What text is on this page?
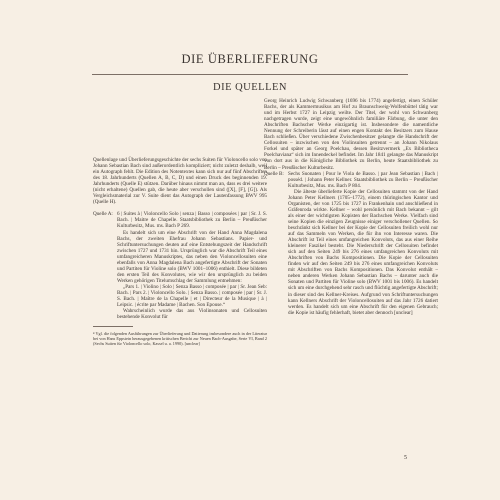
DIE ÜBERLIEFERUNG
DIE QUELLEN

Quellenlage und Überlieferungsgeschichte der sechs Suiten für Violoncello solo von Johann Sebastian Bach sind außerordentlich kompliziert; nicht zuletzt deshalb, weil ein Autograph fehlt. Die Edition des Notentextes kann sich nur auf fünf Abschriften des 18. Jahrhunderts (Quellen A, B, C, D) und einen Druck des beginnenden 19. Jahrhunderts (Quelle E) stützen. Darüber hinaus nimmt man an, dass es drei weitere (nicht erhaltene) Quellen gab, die heute aber verschollen sind ([X], [F], [G]). Als Vergleichsmaterial zur V. Suite dient das Autograph der Lautenfassung BWV 995 (Quelle H).

Quelle A: 6 | Suites à | Violoncello Solo | senza | Basso | composées | par | Sr. J. S. Bach. | Maitre de Chapelle. Staatsbibliothek zu Berlin – Preußischer Kulturbesitz, Mus. ms. Bach P 269.

Es handelt sich um eine Abschrift von der Hand Anna Magdalena Bachs, der zweiten Ehefrau Johann Sebastians. Papier- und Schriftuntersuchungen deuten auf eine Entstehungszeit der Handschrift zwischen 1727 und 1731 hin. Ursprünglich war die Abschrift Teil eines umfangreicheren Manuskriptes, das neben den Violoncellosuiten eine ebenfalls von Anna Magdalena Bach angefertigte Abschrift der Sonaten und Partiten für Violine solo (BWV 1001–1006) enthielt. Diese bildeten den ersten Teil des Konvolutes, wie wir den ursprünglich zu beiden Werken gehörigen Titelumschlag der Sammlung entnehmen:

„Pars 1. | Violino | Solo | Senza Basso | composée | par | Sr. Jean Seb: Bach. | Pars 2. | Violoncello Solo. | Senza Basso. | composée | par | Sr. J. S. Bach. | Maître de la Chapelle | et | Directeur de la Musique | à | Leipsic. | écrite par Madame | Bachen. Son Epouse.“

Wahrscheinlich wurde das aus Violinsonaten und Cellosuiten bestehende Konvolut für

⁴ Vgl. die folgenden Ausführungen zur Überlieferung und Datierung insbesondere auch in der Literatur bei von Hans Eppstein herausgegebenen kritischen Bericht zur Neuen Bach-Ausgabe, Serie VI, Band 2 (Sechs Suiten für Violoncello solo, Kassel u. a. 1990). [unclear]

Georg Heinrich Ludwig Schwanberg (1696 bis 1774) angefertigt, einen Schüler Bachs, der als Kammermusikus am Hof zu Braunschweig-Wolfenbüttel tätig war und im Herbst 1727 in Leipzig weilte. Der Titel, der wohl von Schwanberg nachgetragen wurde, zeigt eine ungewöhnlich familiäre Färbung, die unter den Abschriften Bachscher Werke einzigartig ist. Insbesondere die namentliche Nennung der Schreiberin lässt auf einen engen Kontakt des Besitzers zum Hause Bach schließen. Über verschiedene Zwischenbesitzer gelangte die Handschrift der Cellosuiten – inzwischen von den Violinsuiten getrennt – an Johann Nikolaus Forkel und später an Georg Poelchau, dessen Besitzvermerk „Ex Bibliotheca Poelchaviana“ sich im Innendeckel befindet. Im Jahr 1841 gelangte das Manuskript von dort aus in die Königliche Bibliothek zu Berlin, heute Staatsbibliothek zu Berlin – Preußischer Kulturbesitz.

Quelle B: Sechs Suonaten | Pour le Viola de Basso. | par Jean Sebastian | Bach | posséd. | Johann Peter Kellner. Staatsbibliothek zu Berlin – Preußischer Kulturbesitz, Mus. ms. Bach P 804.

Die älteste überlieferte Kopie der Cellosuiten stammt von der Hand Johann Peter Kellners (1705–1772), einem thüringischen Kantor und Organisten, der von 1725 bis 1727 in Frankenhain und anschließend in Gräfenroda wirkte. Kellner – wohl persönlich mit Bach bekannt – gilt als einer der wichtigsten Kopisten der Bachschen Werke. Vielfach sind seine Kopien die einzigen Zeugnisse einiger verschollener Quellen. So beschränkt sich Kellner bei der Kopie der Cellosuiten freilich wohl nur auf das Sammeln von Werken, die für ihn von Interesse waren. Die Abschrift ist Teil eines umfangreichen Konvoluts, das aus einer Reihe kleinerer Faszikel besteht. Die Niederschrift der Cellosuiten befindet sich auf den Seiten 249 bis 276 eines umfangreichen Konvoluts mit Abschriften von Bachs Kompositionen. Die Kopie der Cellosuiten finden wir auf den Seiten 249 bis 276 eines umfangreichen Konvoluts mit Abschriften von Bachs Kompositionen. Das Konvolut enthält – neben anderen Werken Johann Sebastian Bachs – darunter auch die Sonaten und Partiten für Violine solo (BWV 1001 bis 1006). Es handelt sich um eine durchgehend sehr rasch und flüchtig angefertigte Abschrift; in dieser sind des Kellner-Kreises. Aufgrund von Schriftuntersuchungen kann Kellners Abschrift der Violoncellosuiten auf das Jahr 1726 datiert werden. Es handelt sich um eine Abschrift für den eigenen Gebrauch; die Kopie ist häufig fehlerhaft, bietet aber dennoch [unclear]

5
